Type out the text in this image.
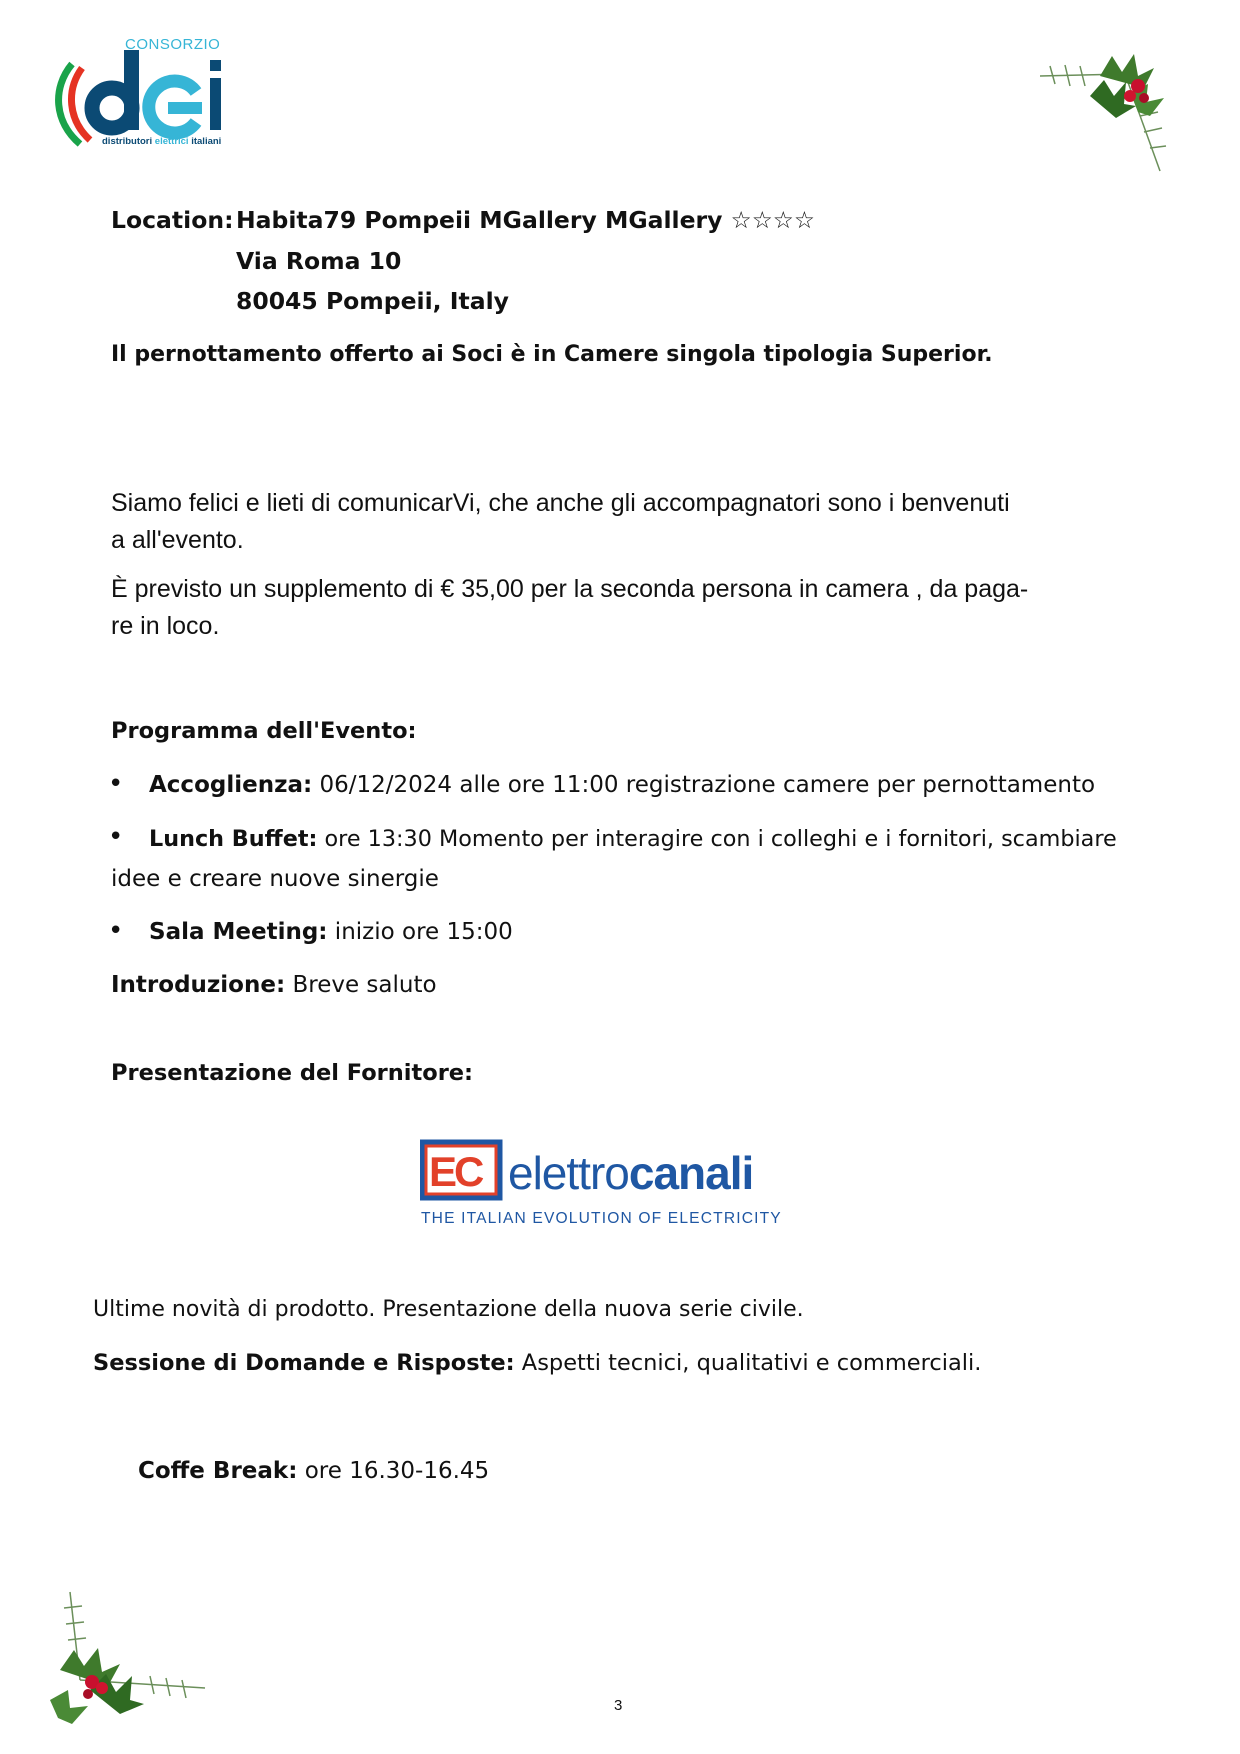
CONSORZIO
distributori elettrici italiani
Location: Habita79 Pompeii MGallery MGallery ☆☆☆☆
Via Roma 10
80045 Pompeii, Italy
Il pernottamento offerto ai Soci è in Camere singola tipologia Superior.
Siamo felici e lieti di comunicarVi, che anche gli accompagnatori sono i benvenuti
a all'evento.
È previsto un supplemento di € 35,00 per la seconda persona in camera , da paga-
re in loco.
Programma dell'Evento:
• Accoglienza: 06/12/2024 alle ore 11:00 registrazione camere per pernottamento
• Lunch Buffet: ore 13:30 Momento per interagire con i colleghi e i fornitori, scambiare
idee e creare nuove sinergie
• Sala Meeting: inizio ore 15:00
Introduzione: Breve saluto
Presentazione del Fornitore:
EC elettrocanali
THE ITALIAN EVOLUTION OF ELECTRICITY
Ultime novità di prodotto. Presentazione della nuova serie civile.
Sessione di Domande e Risposte: Aspetti tecnici, qualitativi e commerciali.
Coffe Break: ore 16.30-16.45
3
